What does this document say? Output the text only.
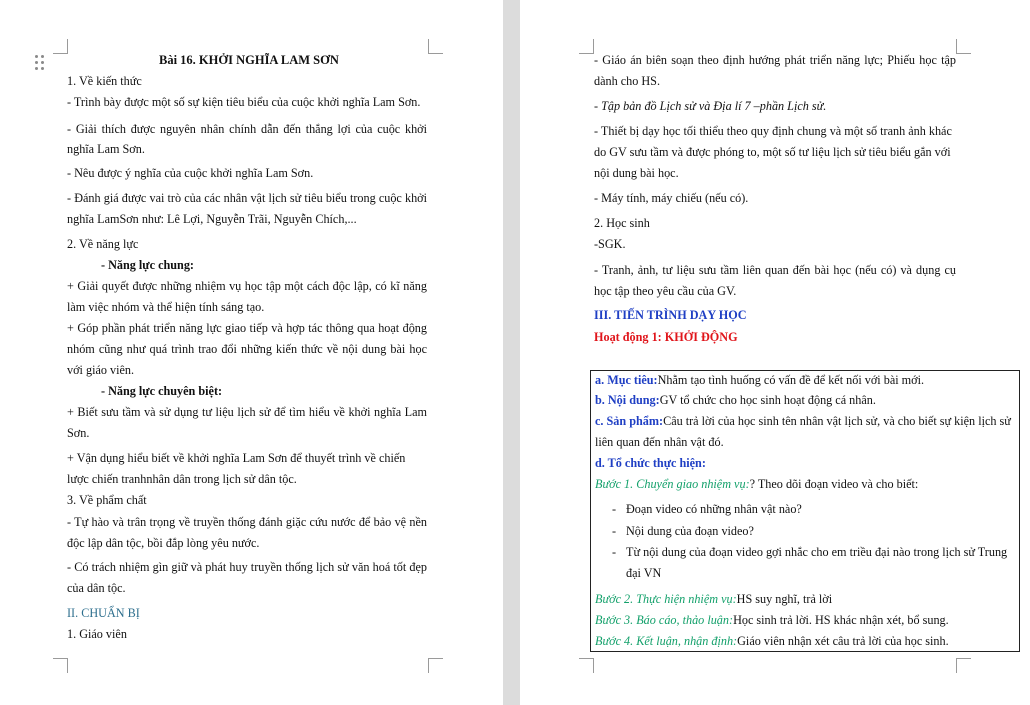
Bài 16. KHỞI NGHĨA LAM SƠN
1. Về kiến thức
- Trình bày được một số sự kiện tiêu biểu của cuộc khởi nghĩa Lam Sơn.
- Giải thích được nguyên nhân chính dẫn đến thắng lợi của cuộc khởi
nghĩa Lam Sơn.
- Nêu được ý nghĩa của cuộc khởi nghĩa Lam Sơn.
- Đánh giá được vai trò của các nhân vật lịch sử tiêu biểu trong cuộc khởi
nghĩa LamSơn như: Lê Lợi, Nguyễn Trãi, Nguyễn Chích,...
2. Về năng lực
- Năng lực chung:
+ Giải quyết được những nhiệm vụ học tập một cách độc lập, có kĩ năng
làm việc nhóm và thể hiện tính sáng tạo.
+ Góp phần phát triển năng lực giao tiếp và hợp tác thông qua hoạt động
nhóm cũng như quá trình trao đổi những kiến thức về nội dung bài học
với giáo viên.
- Năng lực chuyên biệt:
+ Biết sưu tầm và sử dụng tư liệu lịch sử để tìm hiểu về khởi nghĩa Lam
Sơn.
+ Vận dụng hiểu biết về khởi nghĩa Lam Sơn để thuyết trình về chiến
lược chiến tranhnhân dân trong lịch sử dân tộc.
3. Về phẩm chất
- Tự hào và trân trọng về truyền thống đánh giặc cứu nước để bảo vệ nền
độc lập dân tộc, bồi đắp lòng yêu nước.
- Có trách nhiệm gìn giữ và phát huy truyền thống lịch sử văn hoá tốt đẹp
của dân tộc.
II. CHUẨN BỊ
1. Giáo viên
- Giáo án biên soạn theo định hướng phát triển năng lực; Phiếu học tập
dành cho HS.
- Tập bản đồ Lịch sử và Địa lí 7 –phần Lịch sử.
- Thiết bị dạy học tối thiểu theo quy định chung và một số tranh ảnh khác
do GV sưu tầm và được phóng to, một số tư liệu lịch sử tiêu biểu gắn với
nội dung bài học.
- Máy tính, máy chiếu (nếu có).
2. Học sinh
-SGK.
- Tranh, ảnh, tư liệu sưu tầm liên quan đến bài học (nếu có) và dụng cụ
học tập theo yêu cầu của GV.
III. TIẾN TRÌNH DẠY HỌC
Hoạt động 1: KHỞI ĐỘNG
a. Mục tiêu:Nhằm tạo tình huống có vấn đề để kết nối với bài mới.
b. Nội dung:GV tổ chức cho học sinh hoạt động cá nhân.
c. Sản phẩm:Câu trả lời của học sinh tên nhân vật lịch sử, và cho biết sự kiện lịch sử
liên quan đến nhân vật đó.
d. Tổ chức thực hiện:
Bước 1. Chuyển giao nhiệm vụ:? Theo dõi đoạn video và cho biết:
- Đoạn video có những nhân vật nào?
- Nội dung của đoạn video?
- Từ nội dung của đoạn video gợi nhắc cho em triều đại nào trong lịch sử Trung
đại VN
Bước 2. Thực hiện nhiệm vụ:HS suy nghĩ, trả lời
Bước 3. Báo cáo, thảo luận:Học sinh trả lời. HS khác nhận xét, bổ sung.
Bước 4. Kết luận, nhận định:Giáo viên nhận xét câu trả lời của học sinh.
